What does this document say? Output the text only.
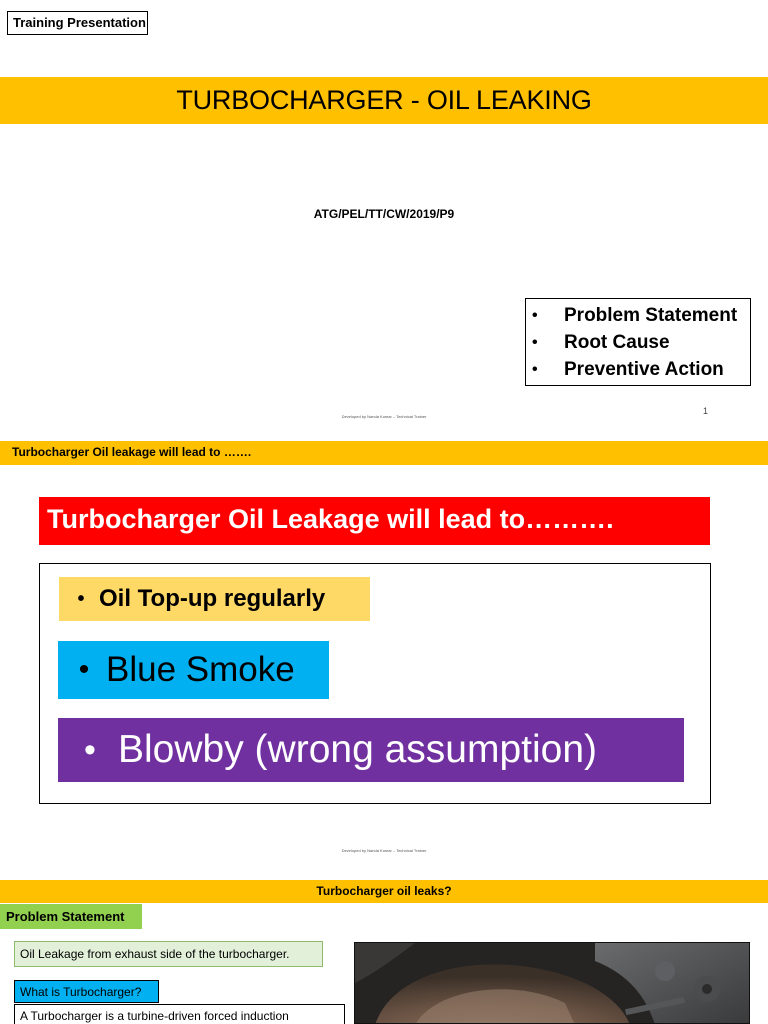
Training Presentation
TURBOCHARGER - OIL LEAKING
ATG/PEL/TT/CW/2019/P9
•	Problem Statement
•	Root Cause
•	Preventive Action
Developed by Nanda Kumar – Technical Trainer
1
Turbocharger Oil leakage will lead to …….
Turbocharger Oil Leakage will lead to……….
• Oil Top-up regularly
• Blue Smoke
• Blowby (wrong assumption)
Developed by Nanda Kumar – Technical Trainer
Turbocharger oil leaks?
Problem Statement
Oil Leakage from exhaust side of the turbocharger.
What is Turbocharger?
A Turbocharger is a turbine-driven forced induction
